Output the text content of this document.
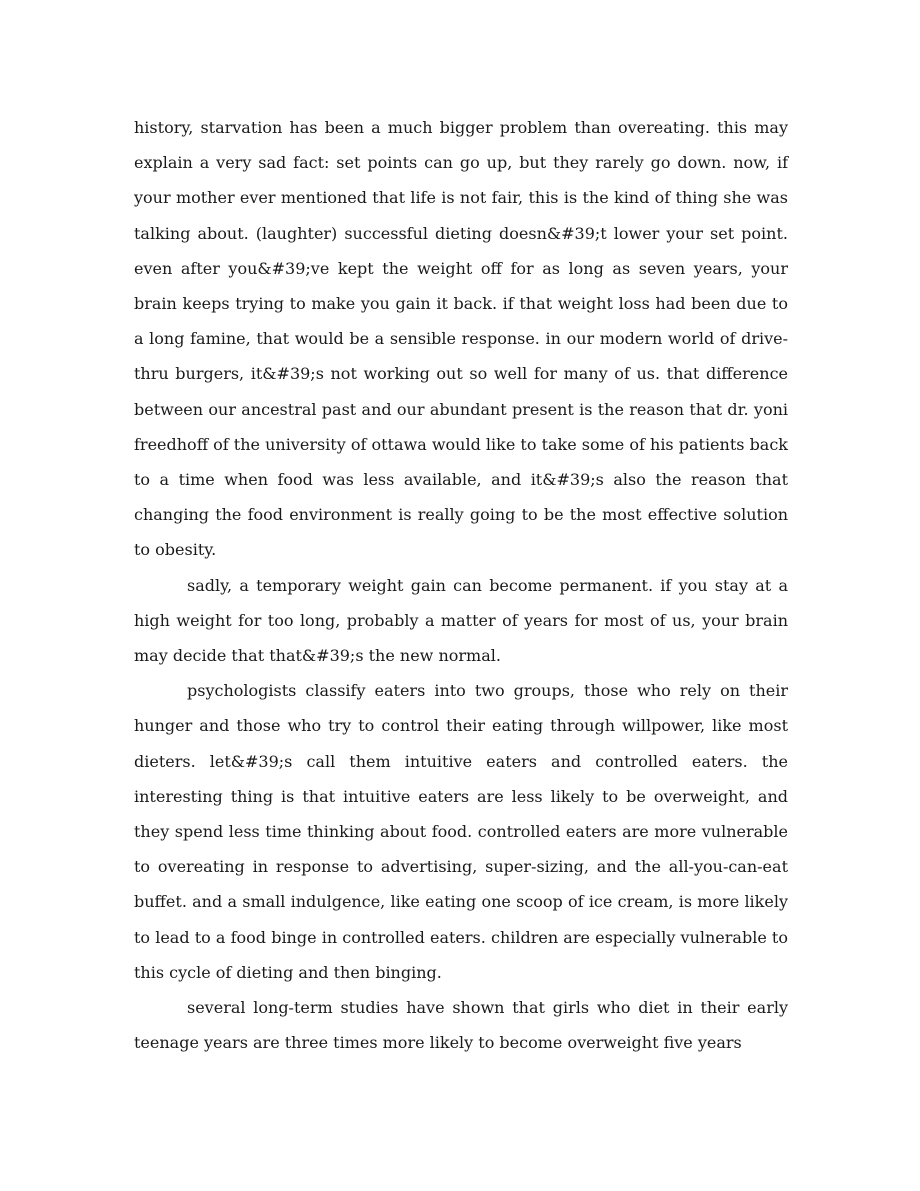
history, starvation has been a much bigger problem than overeating. this may explain a very sad fact: set points can go up, but they rarely go down. now, if your mother ever mentioned that life is not fair, this is the kind of thing she was talking about. (laughter) successful dieting doesn&#39;t lower your set point. even after you&#39;ve kept the weight off for as long as seven years, your brain keeps trying to make you gain it back. if that weight loss had been due to a long famine, that would be a sensible response. in our modern world of drive-thru burgers, it&#39;s not working out so well for many of us. that difference between our ancestral past and our abundant present is the reason that dr. yoni freedhoff of the university of ottawa would like to take some of his patients back to a time when food was less available, and it&#39;s also the reason that changing the food environment is really going to be the most effective solution to obesity.

sadly, a temporary weight gain can become permanent. if you stay at a high weight for too long, probably a matter of years for most of us, your brain may decide that that&#39;s the new normal.

psychologists classify eaters into two groups, those who rely on their hunger and those who try to control their eating through willpower, like most dieters. let&#39;s call them intuitive eaters and controlled eaters. the interesting thing is that intuitive eaters are less likely to be overweight, and they spend less time thinking about food. controlled eaters are more vulnerable to overeating in response to advertising, super-sizing, and the all-you-can-eat buffet. and a small indulgence, like eating one scoop of ice cream, is more likely to lead to a food binge in controlled eaters. children are especially vulnerable to this cycle of dieting and then binging.

several long-term studies have shown that girls who diet in their early teenage years are three times more likely to become overweight five years
